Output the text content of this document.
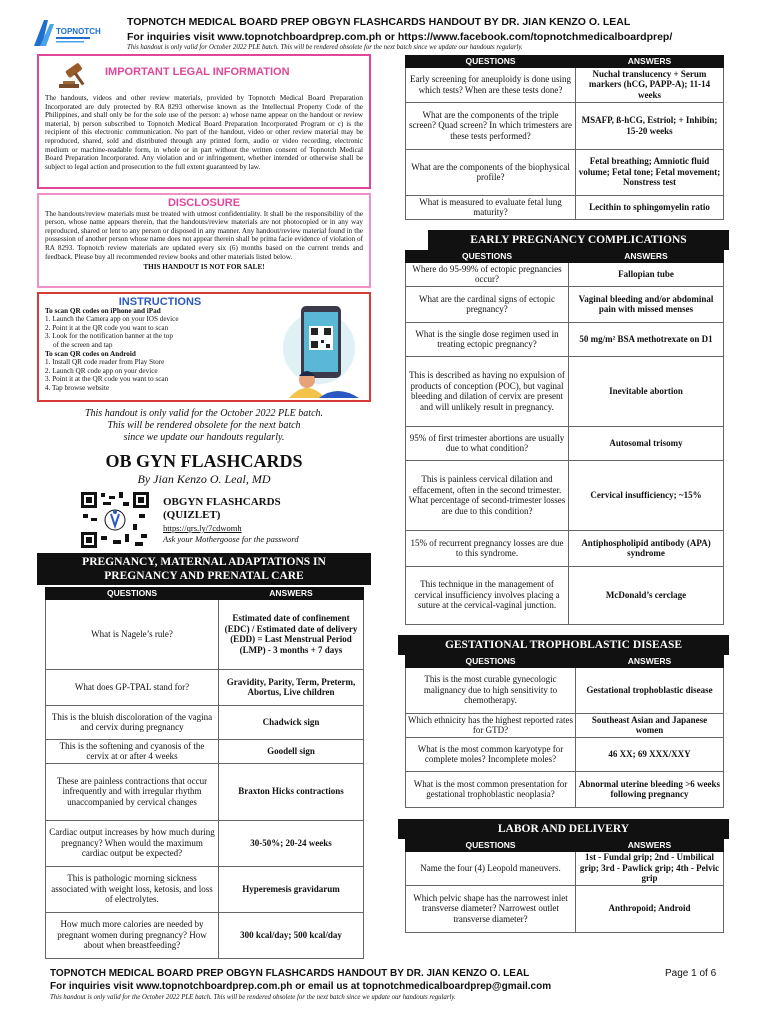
TOPNOTCH
TOPNOTCH MEDICAL BOARD PREP OBGYN FLASHCARDS HANDOUT BY DR. JIAN KENZO O. LEAL
For inquiries visit www.topnotchboardprep.com.ph or https://www.facebook.com/topnotchmedicalboardprep/
This handout is only valid for October 2022 PLE batch. This will be rendered obsolete for the next batch since we update our handouts regularly.
IMPORTANT LEGAL INFORMATION
The handouts, videos and other review materials, provided by Topnotch Medical Board Preparation Incorporated are duly protected by RA 8293 otherwise known as the Intellectual Property Code of the Philippines, and shall only be for the sole use of the person: a) whose name appear on the handout or review material, b) person subscribed to Topnotch Medical Board Preparation Incorporated Program or c) is the recipient of this electronic communication. No part of the handout, video or other review material may be reproduced, shared, sold and distributed through any printed form, audio or video recording, electronic medium or machine-readable form, in whole or in part without the written consent of Topnotch Medical Board Preparation Incorporated. Any violation and or infringement, whether intended or otherwise shall be subject to legal action and prosecution to the full extent guaranteed by law.
DISCLOSURE
The handouts/review materials must be treated with utmost confidentiality. It shall be the responsibility of the person, whose name appears therein, that the handouts/review materials are not photocopied or in any way reproduced, shared or lent to any person or disposed in any manner. Any handout/review material found in the possession of another person whose name does not appear therein shall be prima facie evidence of violation of RA 8293. Topnotch review materials are updated every six (6) months based on the current trends and feedback. Please buy all recommended review books and other materials listed below.
THIS HANDOUT IS NOT FOR SALE!
INSTRUCTIONS
To scan QR codes on iPhone and iPad
1. Launch the Camera app on your IOS device
2. Point it at the QR code you want to scan
3. Look for the notification banner at the top
of the screen and tap
To scan QR codes on Android
1. Install QR code reader from Play Store
2. Launch QR code app on your device
3. Point it at the QR code you want to scan
4. Tap browse website
This handout is only valid for the October 2022 PLE batch.
This will be rendered obsolete for the next batch
since we update our handouts regularly.
OB GYN FLASHCARDS
By Jian Kenzo O. Leal, MD
OBGYN FLASHCARDS
(QUIZLET)
https://qrs.ly/7cdwomh
Ask your Mothergoose for the password
PREGNANCY, MATERNAL ADAPTATIONS IN
PREGNANCY AND PRENATAL CARE
QUESTIONS	ANSWERS
What is Nagele’s rule?	Estimated date of confinement (EDC) / Estimated date of delivery (EDD) = Last Menstrual Period (LMP) - 3 months + 7 days
What does GP-TPAL stand for?	Gravidity, Parity, Term, Preterm, Abortus, Live children
This is the bluish discoloration of the vagina and cervix during pregnancy	Chadwick sign
This is the softening and cyanosis of the cervix at or after 4 weeks	Goodell sign
These are painless contractions that occur infrequently and with irregular rhythm unaccompanied by cervical changes	Braxton Hicks contractions
Cardiac output increases by how much during pregnancy? When would the maximum cardiac output be expected?	30-50%; 20-24 weeks
This is pathologic morning sickness associated with weight loss, ketosis, and loss of electrolytes.	Hyperemesis gravidarum
How much more calories are needed by pregnant women during pregnancy? How about when breastfeeding?	300 kcal/day; 500 kcal/day
QUESTIONS	ANSWERS
Early screening for aneuploidy is done using which tests? When are these tests done?	Nuchal translucency + Serum markers (hCG, PAPP-A); 11-14 weeks
What are the components of the triple screen? Quad screen? In which trimesters are these tests performed?	MSAFP, ß-hCG, Estriol; + Inhibin; 15-20 weeks
What are the components of the biophysical profile?	Fetal breathing; Amniotic fluid volume; Fetal tone; Fetal movement; Nonstress test
What is measured to evaluate fetal lung maturity?	Lecithin to sphingomyelin ratio
EARLY PREGNANCY COMPLICATIONS
QUESTIONS	ANSWERS
Where do 95-99% of ectopic pregnancies occur?	Fallopian tube
What are the cardinal signs of ectopic pregnancy?	Vaginal bleeding and/or abdominal pain with missed menses
What is the single dose regimen used in treating ectopic pregnancy?	50 mg/m² BSA methotrexate on D1
This is described as having no expulsion of products of conception (POC), but vaginal bleeding and dilation of cervix are present and will unlikely result in pregnancy.	Inevitable abortion
95% of first trimester abortions are usually due to what condition?	Autosomal trisomy
This is painless cervical dilation and effacement, often in the second trimester. What percentage of second-trimester losses are due to this condition?	Cervical insufficiency; ~15%
15% of recurrent pregnancy losses are due to this syndrome.	Antiphospholipid antibody (APA) syndrome
This technique in the management of cervical insufficiency involves placing a suture at the cervical-vaginal junction.	McDonald’s cerclage
GESTATIONAL TROPHOBLASTIC DISEASE
QUESTIONS	ANSWERS
This is the most curable gynecologic malignancy due to high sensitivity to chemotherapy.	Gestational trophoblastic disease
Which ethnicity has the highest reported rates for GTD?	Southeast Asian and Japanese women
What is the most common karyotype for complete moles? Incomplete moles?	46 XX; 69 XXX/XXY
What is the most common presentation for gestational trophoblastic neoplasia?	Abnormal uterine bleeding >6 weeks following pregnancy
LABOR AND DELIVERY
QUESTIONS	ANSWERS
Name the four (4) Leopold maneuvers.	1st - Fundal grip; 2nd - Umbilical grip; 3rd - Pawlick grip; 4th - Pelvic grip
Which pelvic shape has the narrowest inlet transverse diameter? Narrowest outlet transverse diameter?	Anthropoid; Android
TOPNOTCH MEDICAL BOARD PREP OBGYN FLASHCARDS HANDOUT BY DR. JIAN KENZO O. LEAL
For inquiries visit www.topnotchboardprep.com.ph or email us at topnotchmedicalboardprep@gmail.com
This handout is only valid for the October 2022 PLE batch. This will be rendered obsolete for the next batch since we update our handouts regularly.
Page 1 of 6
